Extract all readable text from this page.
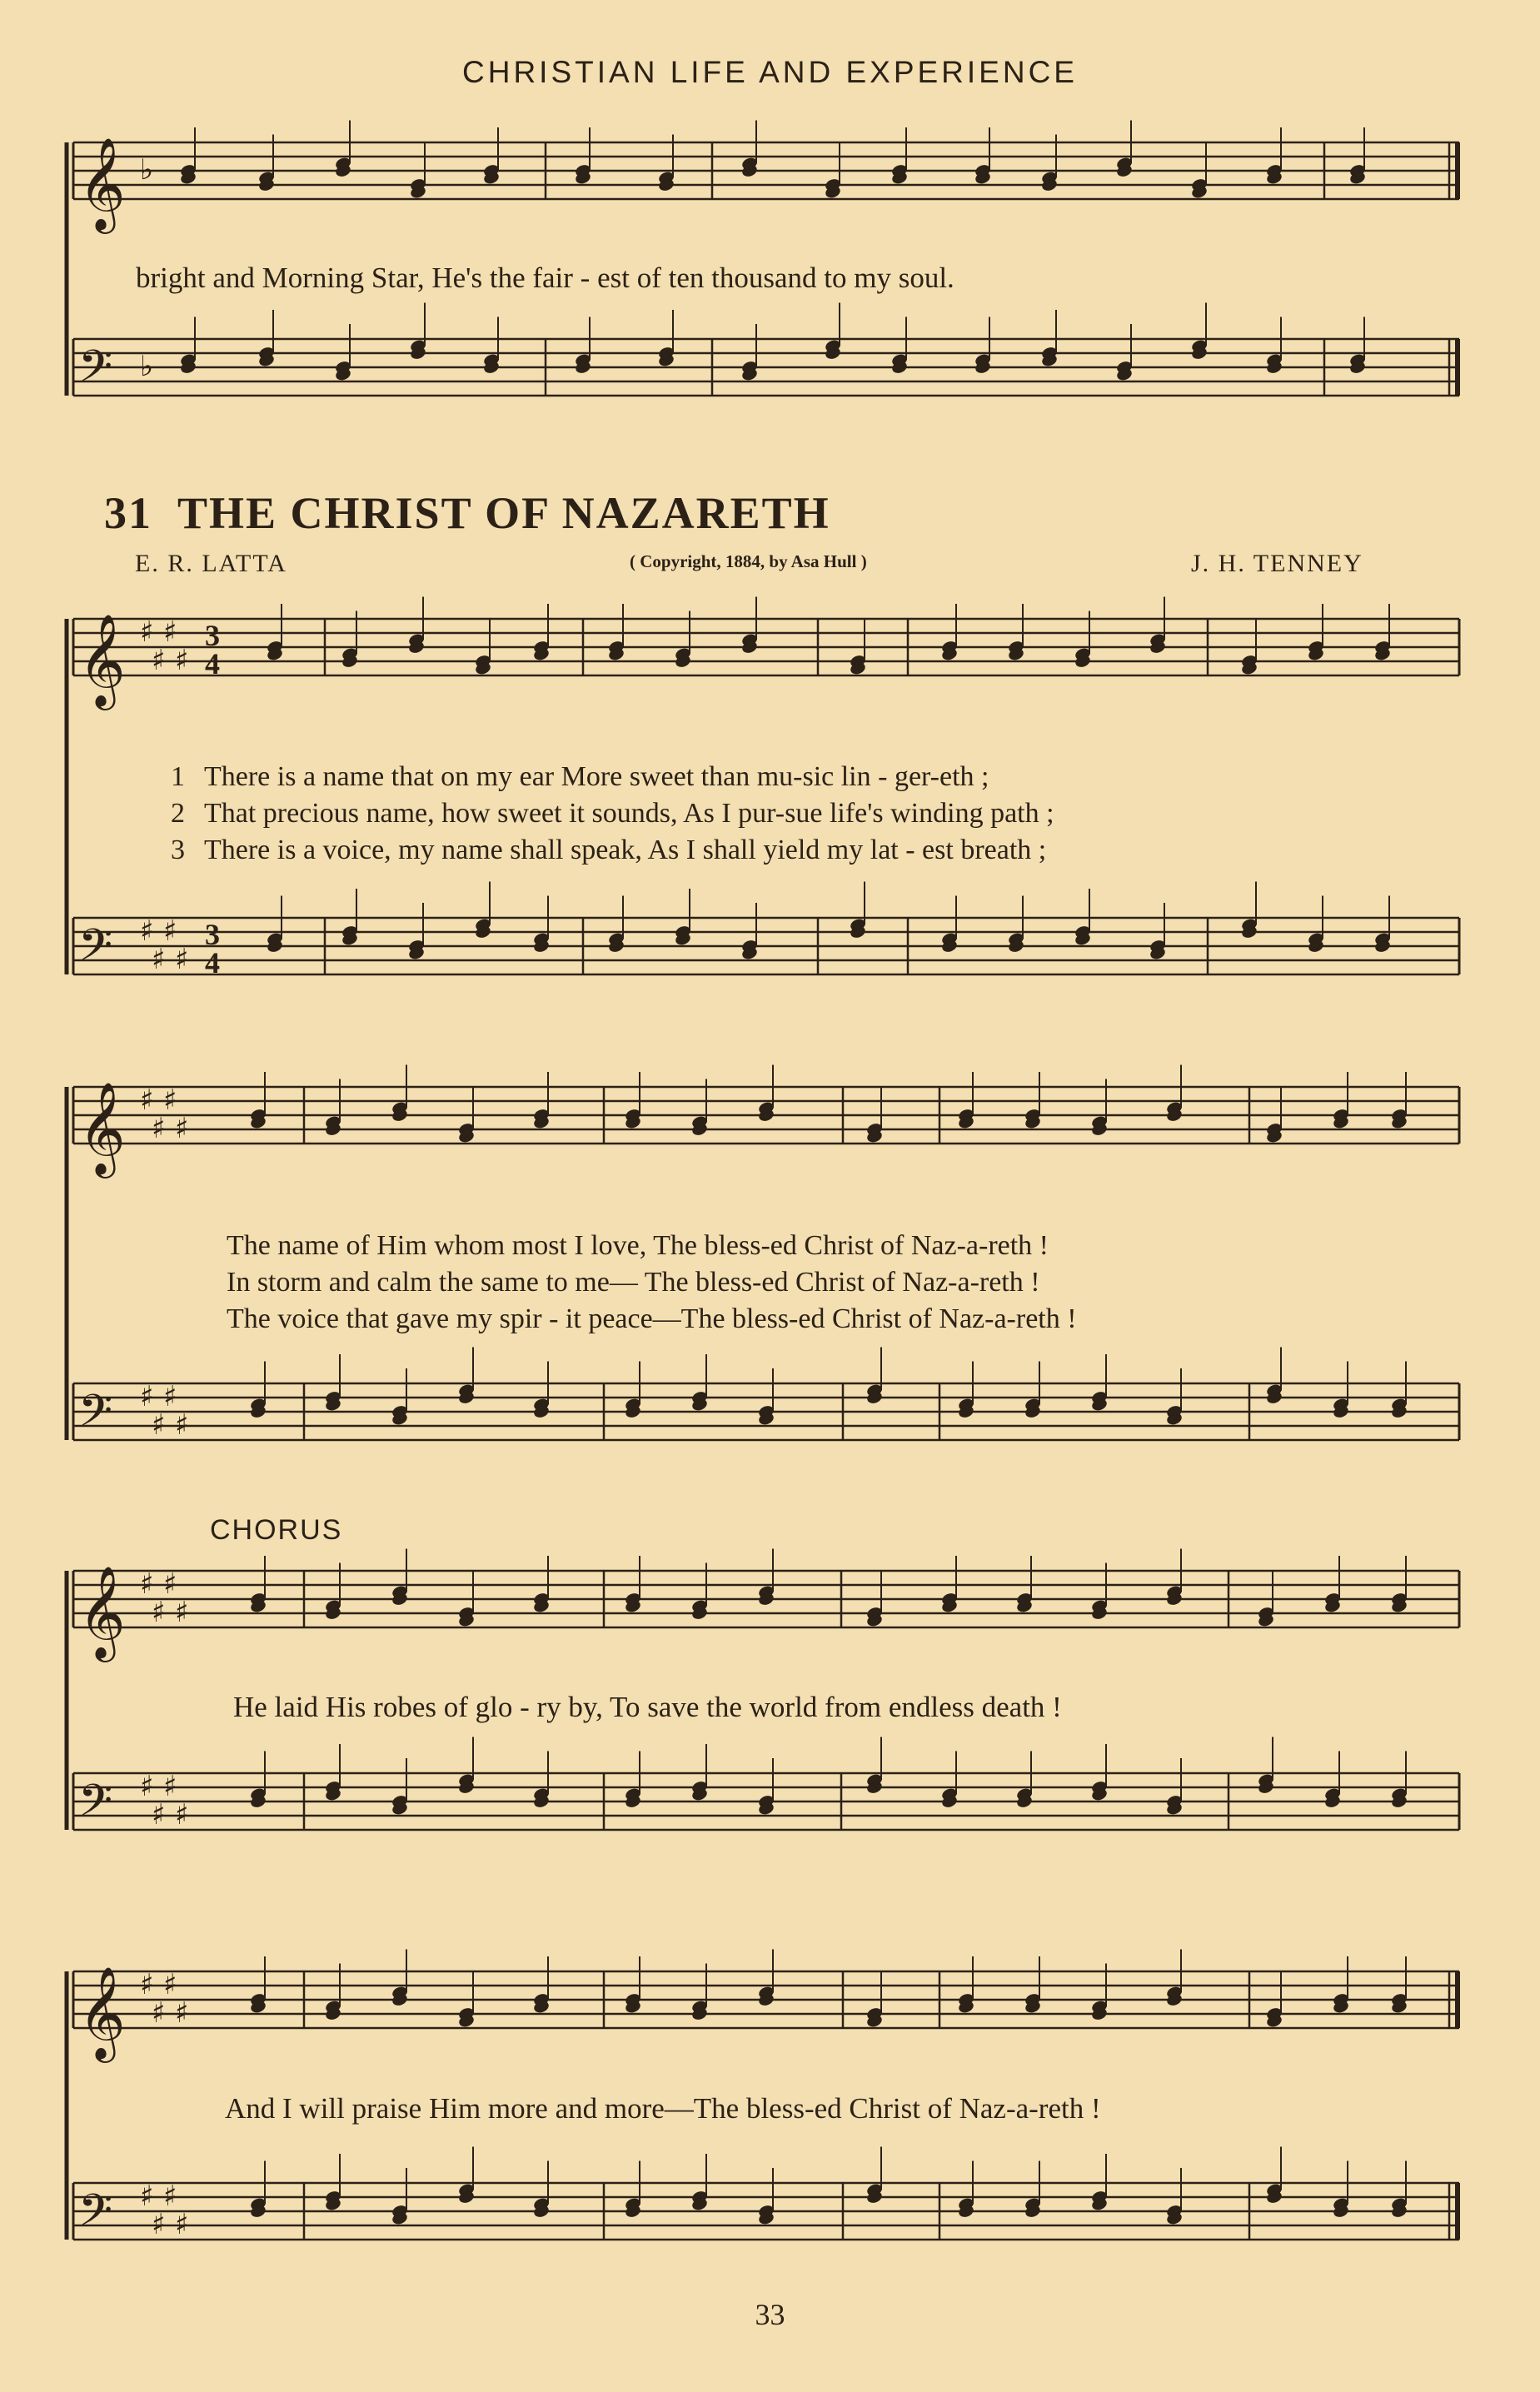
CHRISTIAN LIFE AND EXPERIENCE
𝄞 ♭
𝄢 ♭
𝄞 ♯
♯
♯
♯
3
4
𝄢 ♯
♯
♯
♯
3
4
𝄞 ♯
♯
♯
♯
𝄢 ♯
♯
♯
♯
𝄞 ♯
♯
♯
♯
𝄢 ♯
♯
♯
♯
𝄞 ♯
♯
♯
♯
𝄢 ♯
♯
♯
♯
bright and Morning Star, He's the fair - est of ten thousand to my soul.
31 THE CHRIST OF NAZARETH
E. R. LATTA	( Copyright, 1884, by Asa Hull )	J. H. TENNEY
1 There is a name that on my ear More sweet than mu-sic lin - ger-eth ;
2 That precious name, how sweet it sounds, As I pur-sue life's winding path ;
3 There is a voice, my name shall speak, As I shall yield my lat - est breath ;
The name of Him whom most I love, The bless-ed Christ of Naz-a-reth !
In storm and calm the same to me— The bless-ed Christ of Naz-a-reth !
The voice that gave my spir - it peace—The bless-ed Christ of Naz-a-reth !
CHORUS
He laid His robes of glo - ry by, To save the world from endless death !
And I will praise Him more and more—The bless-ed Christ of Naz-a-reth !
33
